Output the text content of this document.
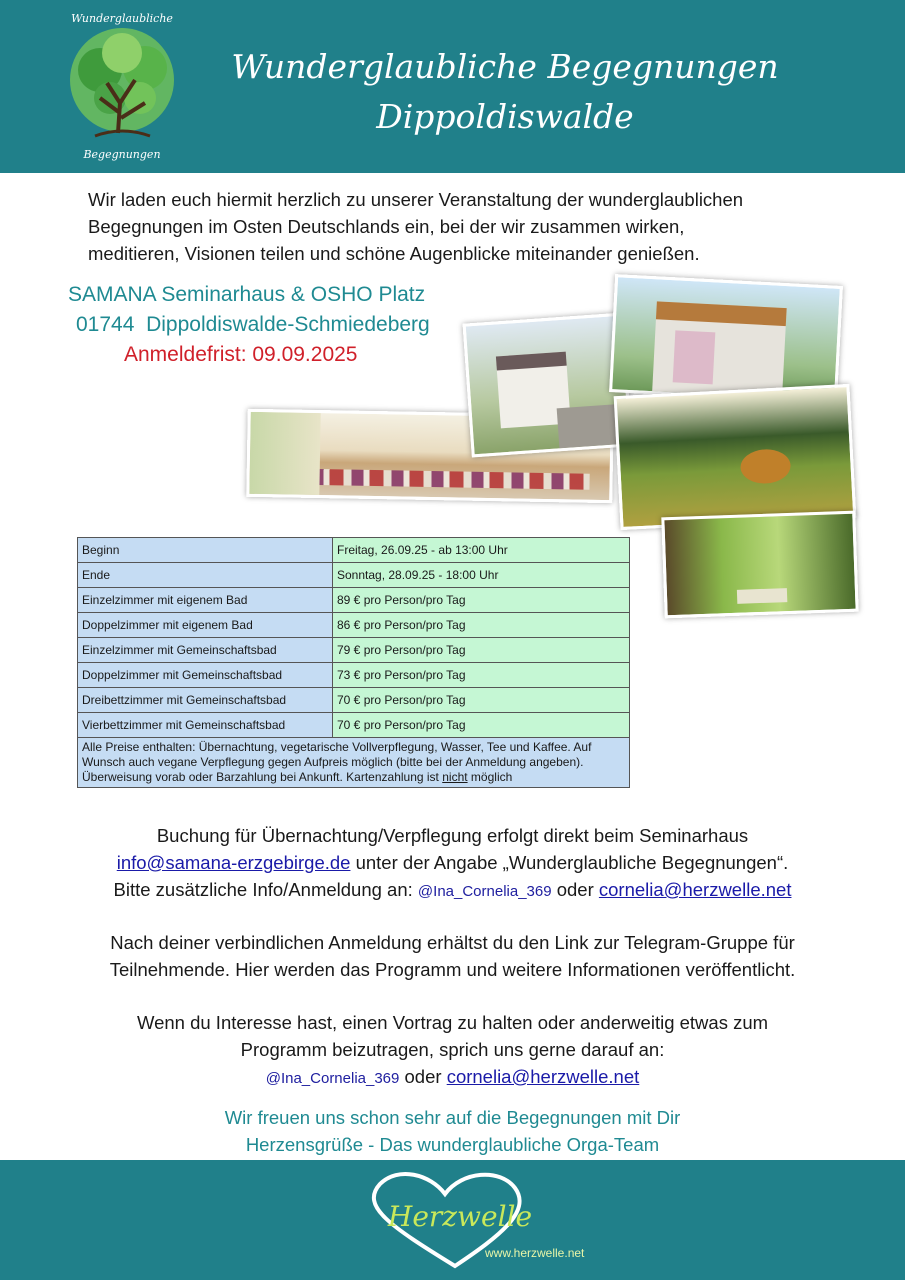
Wunderglaubliche
Begegnungen
Wunderglaubliche Begegnungen
Dippoldiswalde
Wir laden euch hiermit herzlich zu unserer Veranstaltung der wunderglaublichen
Begegnungen im Osten Deutschlands ein, bei der wir zusammen wirken,
meditieren, Visionen teilen und schöne Augenblicke miteinander genießen.
SAMANA Seminarhaus & OSHO Platz
01744 Dippoldiswalde-Schmiedeberg
Anmeldefrist: 09.09.2025
Beginn	Freitag, 26.09.25 - ab 13:00 Uhr
Ende	Sonntag, 28.09.25 - 18:00 Uhr
Einzelzimmer mit eigenem Bad	89 € pro Person/pro Tag
Doppelzimmer mit eigenem Bad	86 € pro Person/pro Tag
Einzelzimmer mit Gemeinschaftsbad	79 € pro Person/pro Tag
Doppelzimmer mit Gemeinschaftsbad	73 € pro Person/pro Tag
Dreibettzimmer mit Gemeinschaftsbad	70 € pro Person/pro Tag
Vierbettzimmer mit Gemeinschaftsbad	70 € pro Person/pro Tag
Alle Preise enthalten: Übernachtung, vegetarische Vollverpflegung, Wasser, Tee und Kaffee. Auf Wunsch auch vegane Verpflegung gegen Aufpreis möglich (bitte bei der Anmeldung angeben). Überweisung vorab oder Barzahlung bei Ankunft. Kartenzahlung ist nicht möglich	
Buchung für Übernachtung/Verpflegung erfolgt direkt beim Seminarhaus
info@samana-erzgebirge.de unter der Angabe „Wunderglaubliche Begegnungen“.
Bitte zusätzliche Info/Anmeldung an: @Ina_Cornelia_369 oder cornelia@herzwelle.net
Nach deiner verbindlichen Anmeldung erhältst du den Link zur Telegram-Gruppe für
Teilnehmende. Hier werden das Programm und weitere Informationen veröffentlicht.
Wenn du Interesse hast, einen Vortrag zu halten oder anderweitig etwas zum
Programm beizutragen, sprich uns gerne darauf an:
@Ina_Cornelia_369 oder cornelia@herzwelle.net
Wir freuen uns schon sehr auf die Begegnungen mit Dir
Herzensgrüße - Das wunderglaubliche Orga-Team
Herzwelle
www.herzwelle.net
